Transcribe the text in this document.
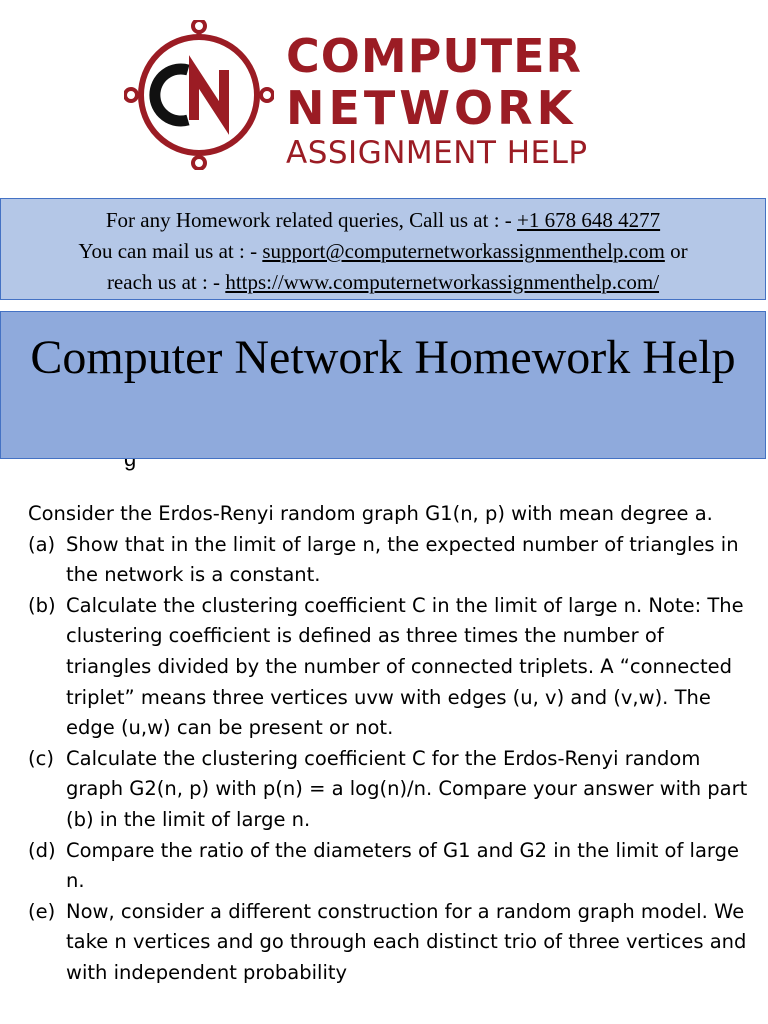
COMPUTER
NETWORK
ASSIGNMENT HELP
For any Homework related queries, Call us at : - +1 678 648 4277
You can mail us at : - support@computernetworkassignmenthelp.com or
reach us at : - https://www.computernetworkassignmenthelp.com/
Computer Network Homework Help

Consider the Erdos-Renyi random graph G1(n, p) with mean degree a.

(a) Show that in the limit of large n, the expected number of triangles in the network is a constant.
(b) Calculate the clustering coefficient C in the limit of large n. Note: The clustering coefficient is defined as three times the number of triangles divided by the number of connected triplets. A “connected triplet” means three vertices uvw with edges (u, v) and (v,w). The edge (u,w) can be present or not.
(c) Calculate the clustering coefficient C for the Erdos-Renyi random graph G2(n, p) with p(n) = a log(n)/n. Compare your answer with part (b) in the limit of large n.
(d) Compare the ratio of the diameters of G1 and G2 in the limit of large n.
(e) Now, consider a different construction for a random graph model. We take n vertices and go through each distinct trio of three vertices and with independent probability
